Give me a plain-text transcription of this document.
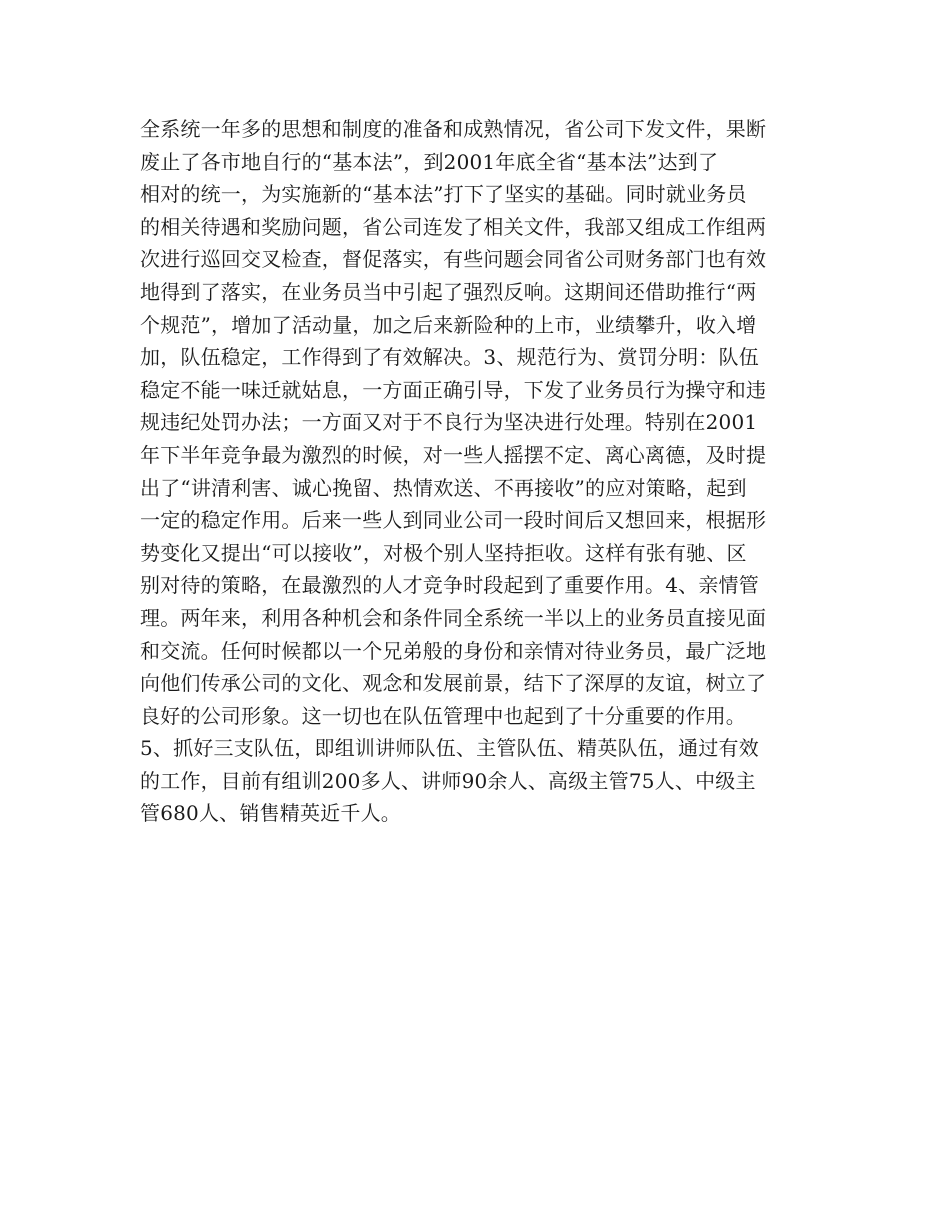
全系统一年多的思想和制度的准备和成熟情况，省公司下发文件，果断
废止了各市地自行的“基本法”，到2001年底全省“基本法”达到了
相对的统一，为实施新的“基本法”打下了坚实的基础。同时就业务员
的相关待遇和奖励问题，省公司连发了相关文件，我部又组成工作组两
次进行巡回交叉检查，督促落实，有些问题会同省公司财务部门也有效
地得到了落实，在业务员当中引起了强烈反响。这期间还借助推行“两
个规范”，增加了活动量，加之后来新险种的上市，业绩攀升，收入增
加，队伍稳定，工作得到了有效解决。3、规范行为、赏罚分明：队伍
稳定不能一味迁就姑息，一方面正确引导，下发了业务员行为操守和违
规违纪处罚办法；一方面又对于不良行为坚决进行处理。特别在2001
年下半年竞争最为激烈的时候，对一些人摇摆不定、离心离德，及时提
出了“讲清利害、诚心挽留、热情欢送、不再接收”的应对策略，起到
一定的稳定作用。后来一些人到同业公司一段时间后又想回来，根据形
势变化又提出“可以接收”，对极个别人坚持拒收。这样有张有驰、区
别对待的策略，在最激烈的人才竞争时段起到了重要作用。4、亲情管
理。两年来，利用各种机会和条件同全系统一半以上的业务员直接见面
和交流。任何时候都以一个兄弟般的身份和亲情对待业务员，最广泛地
向他们传承公司的文化、观念和发展前景，结下了深厚的友谊，树立了
良好的公司形象。这一切也在队伍管理中也起到了十分重要的作用。
5、抓好三支队伍，即组训讲师队伍、主管队伍、精英队伍，通过有效
的工作，目前有组训200多人、讲师90余人、高级主管75人、中级主
管680人、销售精英近千人。
